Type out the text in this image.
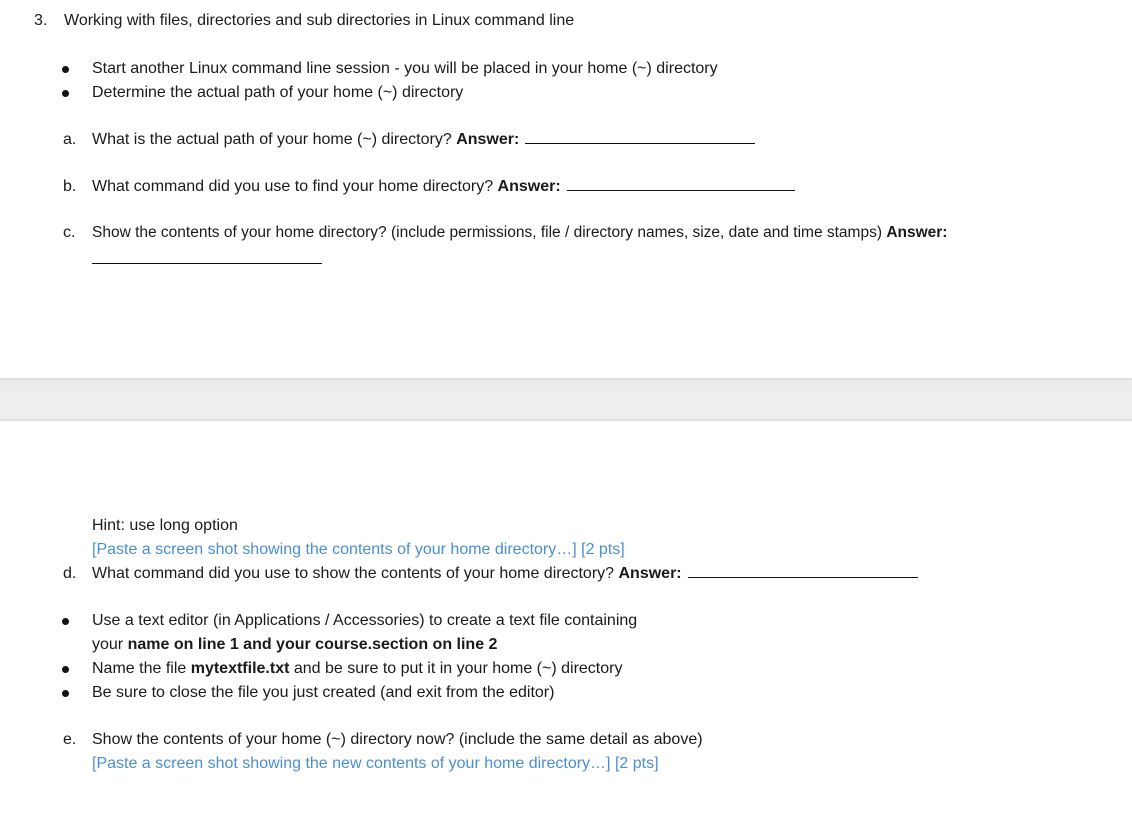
3. Working with files, directories and sub directories in Linux command line
Start another Linux command line session - you will be placed in your home (~) directory
Determine the actual path of your home (~) directory
a. What is the actual path of your home (~) directory? Answer:
b. What command did you use to find your home directory? Answer:
c. Show the contents of your home directory? (include permissions, file / directory names, size, date and time stamps) Answer:
Hint: use long option
[Paste a screen shot showing the contents of your home directory…] [2 pts]
d. What command did you use to show the contents of your home directory? Answer:
Use a text editor (in Applications / Accessories) to create a text file containing
your name on line 1 and your course.section on line 2
Name the file mytextfile.txt and be sure to put it in your home (~) directory
Be sure to close the file you just created (and exit from the editor)
e. Show the contents of your home (~) directory now? (include the same detail as above)
[Paste a screen shot showing the new contents of your home directory…] [2 pts]
